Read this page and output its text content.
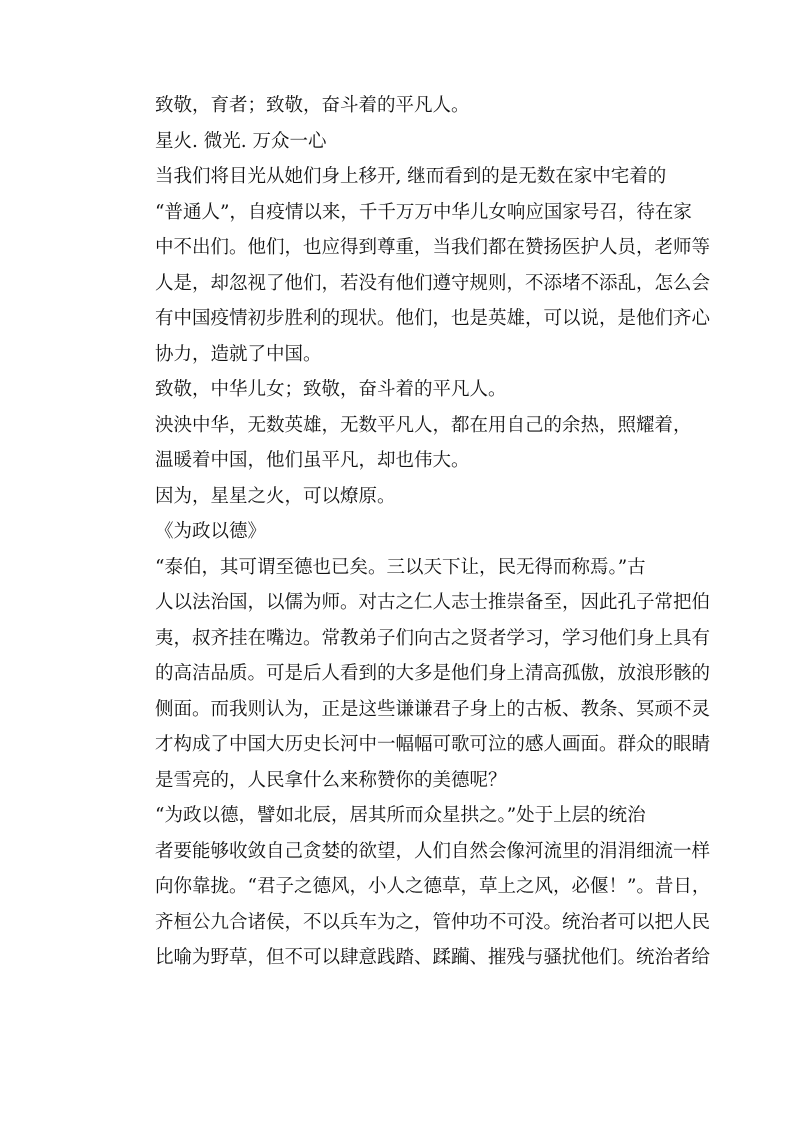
致敬，育者；致敬，奋斗着的平凡人。
星火. 微光. 万众一心
当我们将目光从她们身上移开, 继而看到的是无数在家中宅着的
“普通人”，自疫情以来，千千万万中华儿女响应国家号召，待在家
中不出们。他们，也应得到尊重，当我们都在赞扬医护人员，老师等
人是，却忽视了他们，若没有他们遵守规则，不添堵不添乱，怎么会
有中国疫情初步胜利的现状。他们，也是英雄，可以说，是他们齐心
协力，造就了中国。
致敬，中华儿女；致敬，奋斗着的平凡人。
泱泱中华，无数英雄，无数平凡人，都在用自己的余热，照耀着，
温暖着中国，他们虽平凡，却也伟大。
因为，星星之火，可以燎原。
《为政以德》
“泰伯，其可谓至德也已矣。三以天下让，民无得而称焉。”古
人以法治国，以儒为师。对古之仁人志士推崇备至，因此孔子常把伯
夷，叔齐挂在嘴边。常教弟子们向古之贤者学习，学习他们身上具有
的高洁品质。可是后人看到的大多是他们身上清高孤傲，放浪形骸的
侧面。而我则认为，正是这些谦谦君子身上的古板、教条、冥顽不灵
才构成了中国大历史长河中一幅幅可歌可泣的感人画面。群众的眼睛
是雪亮的，人民拿什么来称赞你的美德呢？
“为政以德，譬如北辰，居其所而众星拱之。”处于上层的统治
者要能够收敛自己贪婪的欲望，人们自然会像河流里的涓涓细流一样
向你靠拢。“君子之德风，小人之德草，草上之风，必偃！”。昔日，
齐桓公九合诸侯，不以兵车为之，管仲功不可没。统治者可以把人民
比喻为野草，但不可以肆意践踏、蹂躏、摧残与骚扰他们。统治者给
